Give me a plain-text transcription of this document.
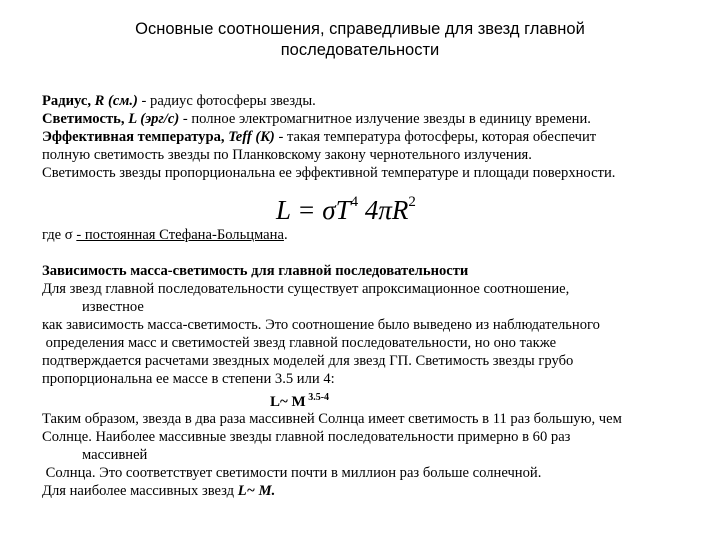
Основные соотношения, справедливые для звезд главной
последовательности
Радиус, R (см.) - радиус фотосферы звезды.
Светимость, L (эрг/с) - полное электромагнитное излучение звезды в единицу времени.
Эффективная температура, Teff (K) - такая температура фотосферы, которая обеспечит
полную светимость звезды по Планковскому закону чернотельного излучения.
Светимость звезды пропорциональна ее эффективной температуре и площади поверхности.
где σ - постоянная Стефана-Больцмана.
Зависимость масса-светимость для главной последовательности
Для звезд главной последовательности существует апроксимационное соотношение,
известное
как зависимость масса-светимость. Это соотношение было выведено из наблюдательного
определения масс и светимостей звезд главной последовательности, но оно также
подтверждается расчетами звездных моделей для звезд ГП. Светимость звезды грубо
пропорциональна ее массе в степени 3.5 или 4:
Таким образом, звезда в два раза массивней Солнца имеет светимость в 11 раз большую, чем
Солнце. Наиболее массивные звезды главной последовательности примерно в 60 раз
массивней
Солнца. Это соответствует светимости почти в миллион раз больше солнечной.
Для наиболее массивных звезд L~ M.
$L = \sigma T^4$ $4\pi R^2$
L~ M $^{3.5-4}$
